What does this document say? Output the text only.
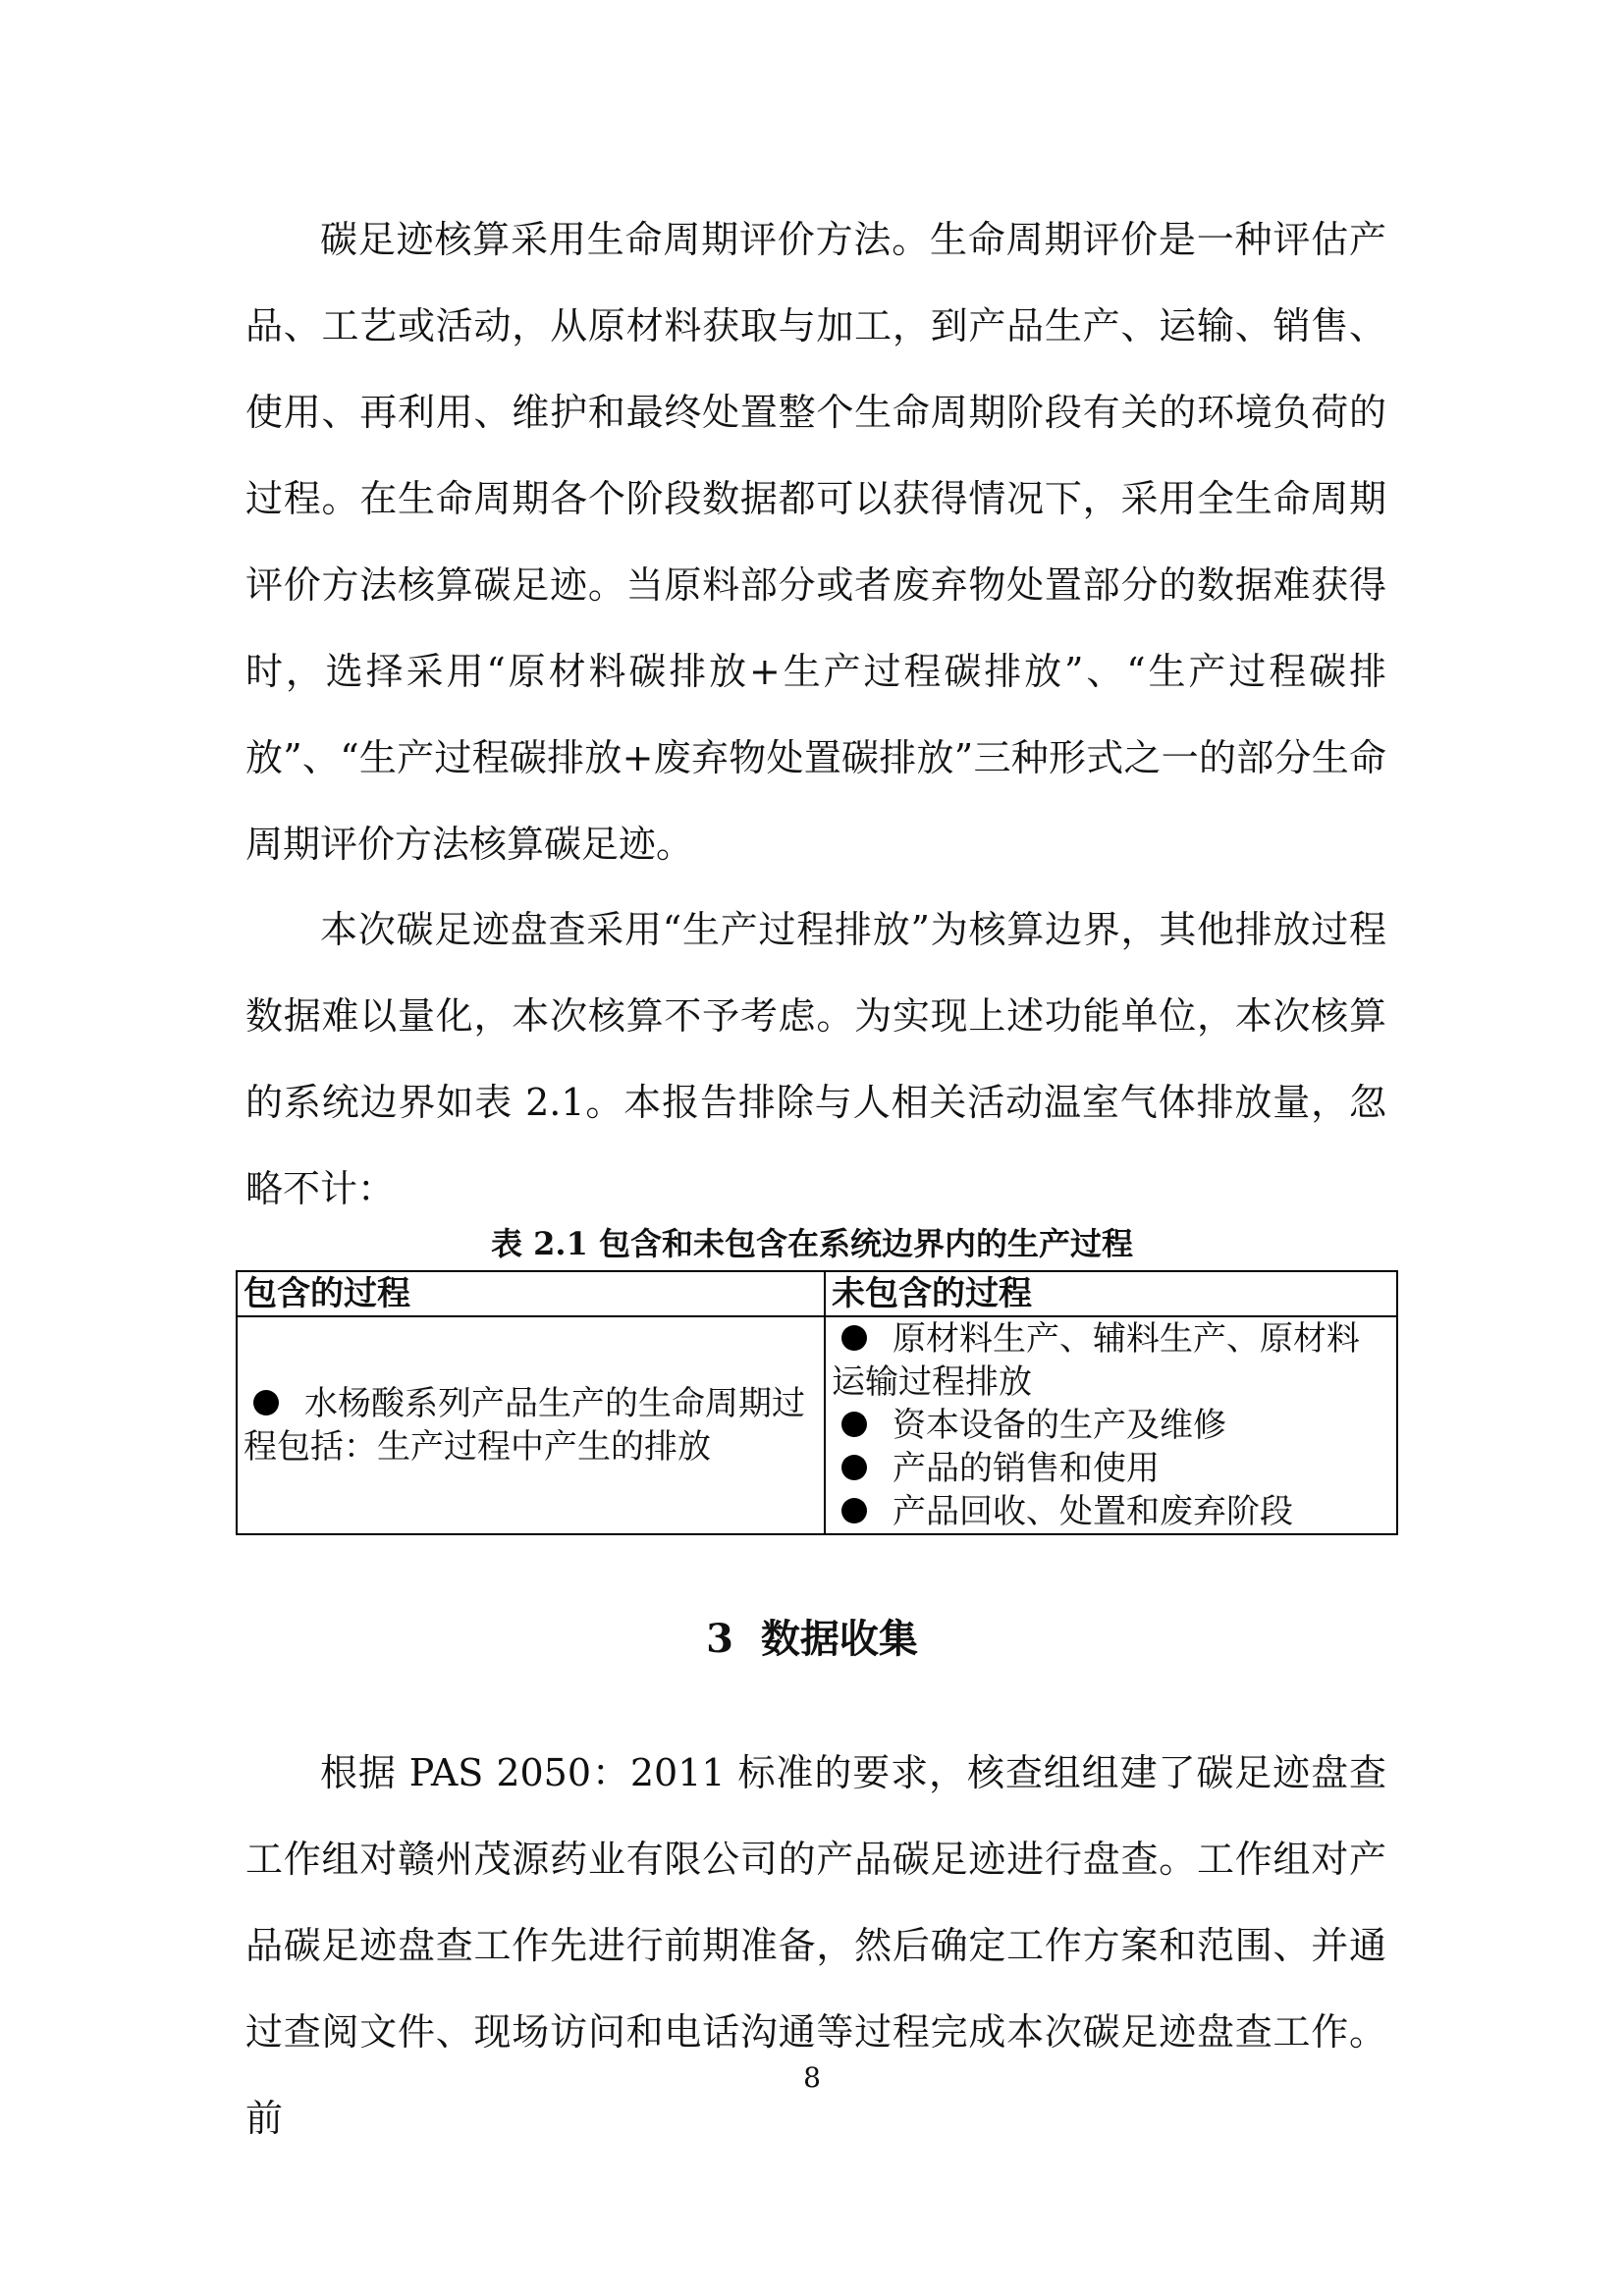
碳足迹核算采用生命周期评价方法。生命周期评价是一种评估产品、工艺或活动，从原材料获取与加工，到产品生产、运输、销售、使用、再利用、维护和最终处置整个生命周期阶段有关的环境负荷的过程。在生命周期各个阶段数据都可以获得情况下，采用全生命周期评价方法核算碳足迹。当原料部分或者废弃物处置部分的数据难获得时，选择采用“原材料碳排放+生产过程碳排放”、“生产过程碳排放”、“生产过程碳排放+废弃物处置碳排放”三种形式之一的部分生命周期评价方法核算碳足迹。

本次碳足迹盘查采用“生产过程排放”为核算边界，其他排放过程数据难以量化，本次核算不予考虑。为实现上述功能单位，本次核算的系统边界如表 2.1。本报告排除与人相关活动温室气体排放量，忽略不计：

表 2.1 包含和未包含在系统边界内的生产过程

包含的过程	未包含的过程

水杨酸系列产品生产的生命周期过程包括：生产过程中产生的排放	原材料生产、辅料生产、原材料运输过程排放
资本设备的生产及维修
产品的销售和使用
产品回收、处置和废弃阶段
3 数据收集

根据 PAS 2050：2011 标准的要求，核查组组建了碳足迹盘查工作组对赣州茂源药业有限公司的产品碳足迹进行盘查。工作组对产品碳足迹盘查工作先进行前期准备，然后确定工作方案和范围、并通过查阅文件、现场访问和电话沟通等过程完成本次碳足迹盘查工作。前

8
